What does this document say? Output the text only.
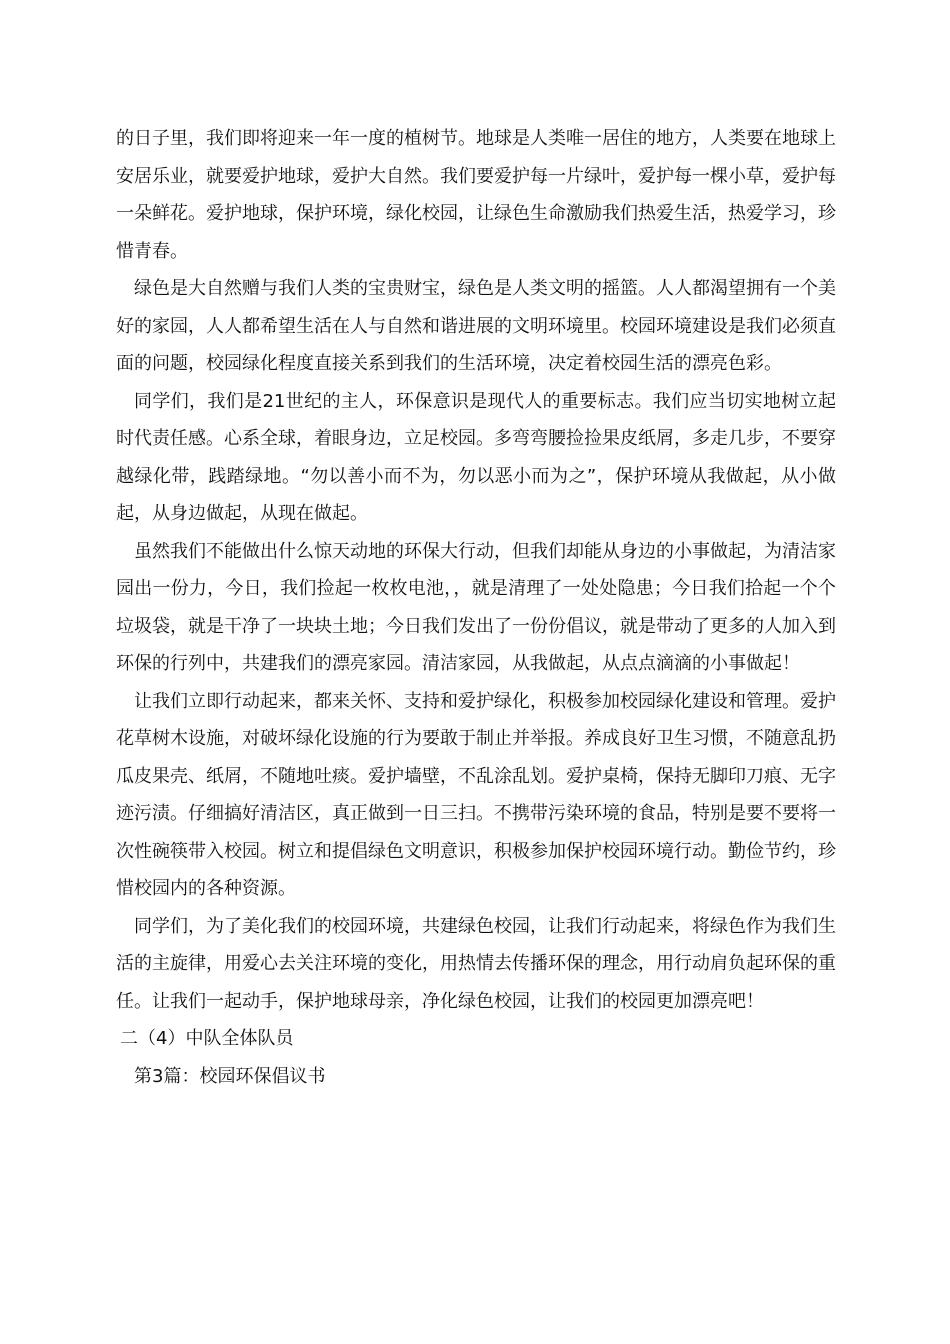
的日子里，我们即将迎来一年一度的植树节。地球是人类唯一居住的地方，人类要在地球上安居乐业，就要爱护地球，爱护大自然。我们要爱护每一片绿叶，爱护每一棵小草，爱护每一朵鲜花。爱护地球，保护环境，绿化校园，让绿色生命激励我们热爱生活，热爱学习，珍惜青春。

绿色是大自然赠与我们人类的宝贵财宝，绿色是人类文明的摇篮。人人都渴望拥有一个美好的家园，人人都希望生活在人与自然和谐进展的文明环境里。校园环境建设是我们必须直面的问题，校园绿化程度直接关系到我们的生活环境，决定着校园生活的漂亮色彩。

同学们，我们是21世纪的主人，环保意识是现代人的重要标志。我们应当切实地树立起时代责任感。心系全球，着眼身边，立足校园。多弯弯腰捡捡果皮纸屑，多走几步，不要穿越绿化带，践踏绿地。“勿以善小而不为，勿以恶小而为之”，保护环境从我做起，从小做起，从身边做起，从现在做起。

虽然我们不能做出什么惊天动地的环保大行动，但我们却能从身边的小事做起，为清洁家园出一份力，今日，我们捡起一枚枚电池，，就是清理了一处处隐患；今日我们拾起一个个垃圾袋，就是干净了一块块土地；今日我们发出了一份份倡议，就是带动了更多的人加入到环保的行列中，共建我们的漂亮家园。清洁家园，从我做起，从点点滴滴的小事做起！

让我们立即行动起来，都来关怀、支持和爱护绿化，积极参加校园绿化建设和管理。爱护花草树木设施，对破坏绿化设施的行为要敢于制止并举报。养成良好卫生习惯，不随意乱扔瓜皮果壳、纸屑，不随地吐痰。爱护墙壁，不乱涂乱划。爱护桌椅，保持无脚印刀痕、无字迹污渍。仔细搞好清洁区，真正做到一日三扫。不携带污染环境的食品，特别是要不要将一次性碗筷带入校园。树立和提倡绿色文明意识，积极参加保护校园环境行动。勤俭节约，珍惜校园内的各种资源。

同学们，为了美化我们的校园环境，共建绿色校园，让我们行动起来，将绿色作为我们生活的主旋律，用爱心去关注环境的变化，用热情去传播环保的理念，用行动肩负起环保的重任。让我们一起动手，保护地球母亲，净化绿色校园，让我们的校园更加漂亮吧！

二（4）中队全体队员

第3篇：校园环保倡议书
